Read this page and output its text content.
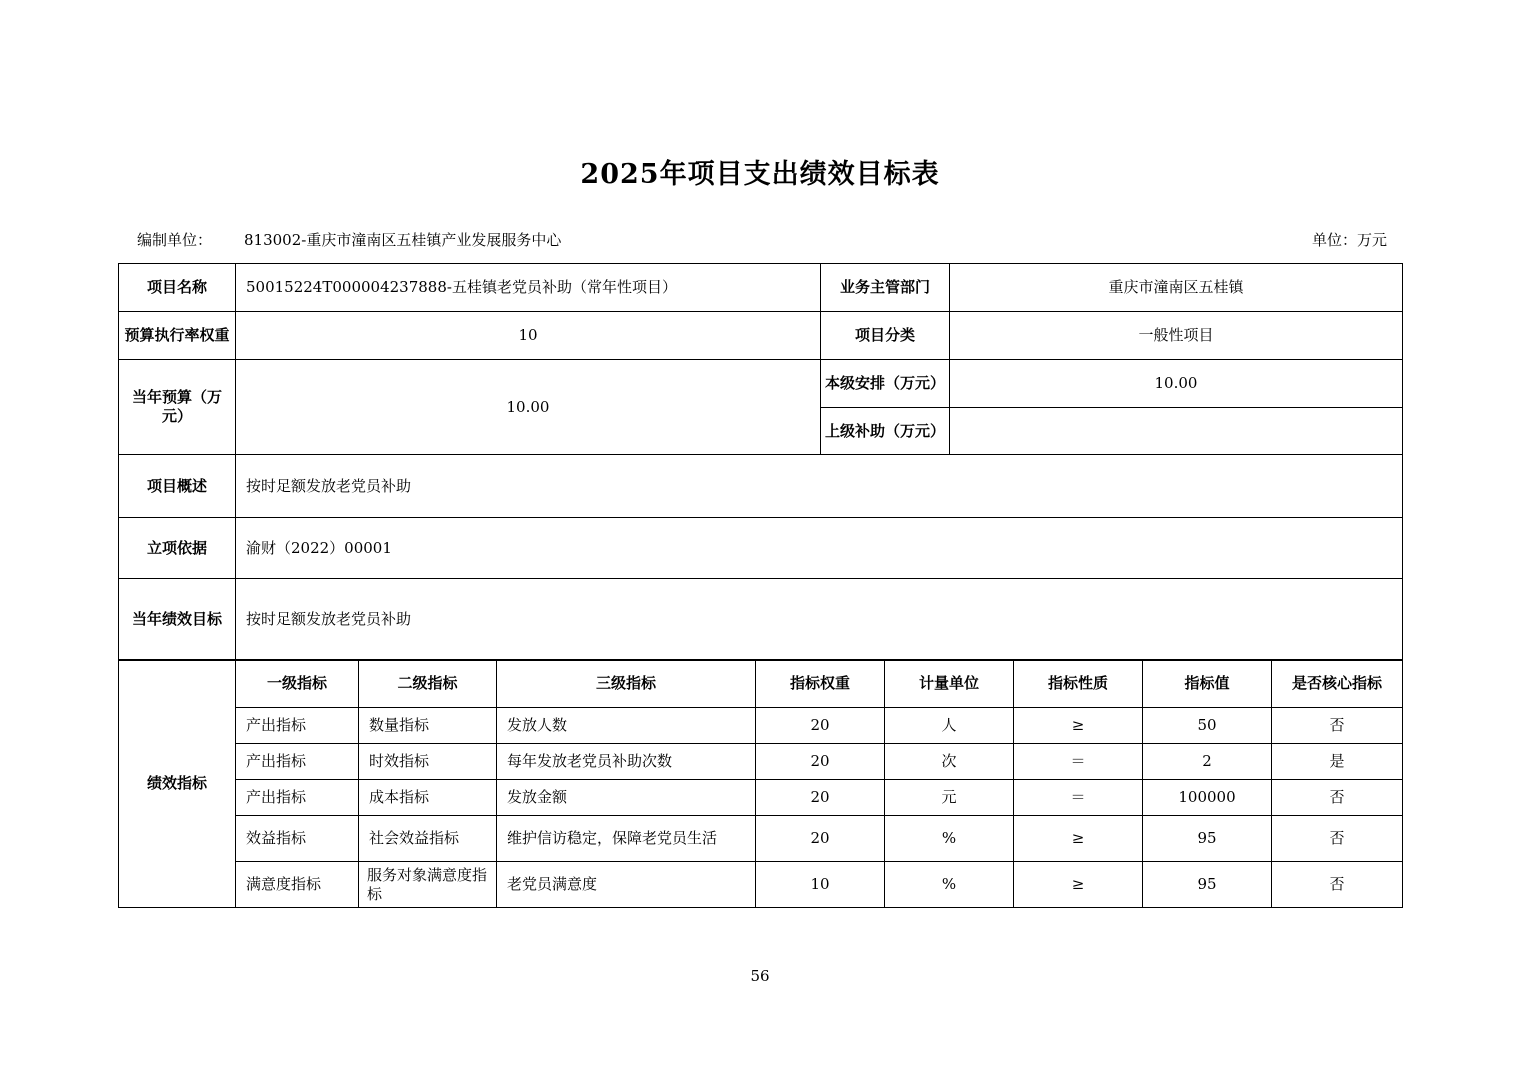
2025年项目支出绩效目标表
编制单位： 813002-重庆市潼南区五桂镇产业发展服务中心	单位：万元
项目名称	50015224T000004237888-五桂镇老党员补助（常年性项目）	业务主管部门	重庆市潼南区五桂镇
预算执行率权重	10	项目分类	一般性项目
当年预算（万元）	10.00	本级安排（万元）	10.00
		上级补助（万元）	
项目概述	按时足额发放老党员补助		
立项依据	渝财（2022）00001		
当年绩效目标	按时足额发放老党员补助		
绩效指标	一级指标	二级指标	三级指标	指标权重	计量单位	指标性质	指标值	是否核心指标
	产出指标	数量指标	发放人数	20	人	≥	50	否
	产出指标	时效指标	每年发放老党员补助次数	20	次	＝	2	是
	产出指标	成本指标	发放金额	20	元	＝	100000	否
	效益指标	社会效益指标	维护信访稳定，保障老党员生活	20	%	≥	95	否
	满意度指标	服务对象满意度指标	老党员满意度	10	%	≥	95	否
56
